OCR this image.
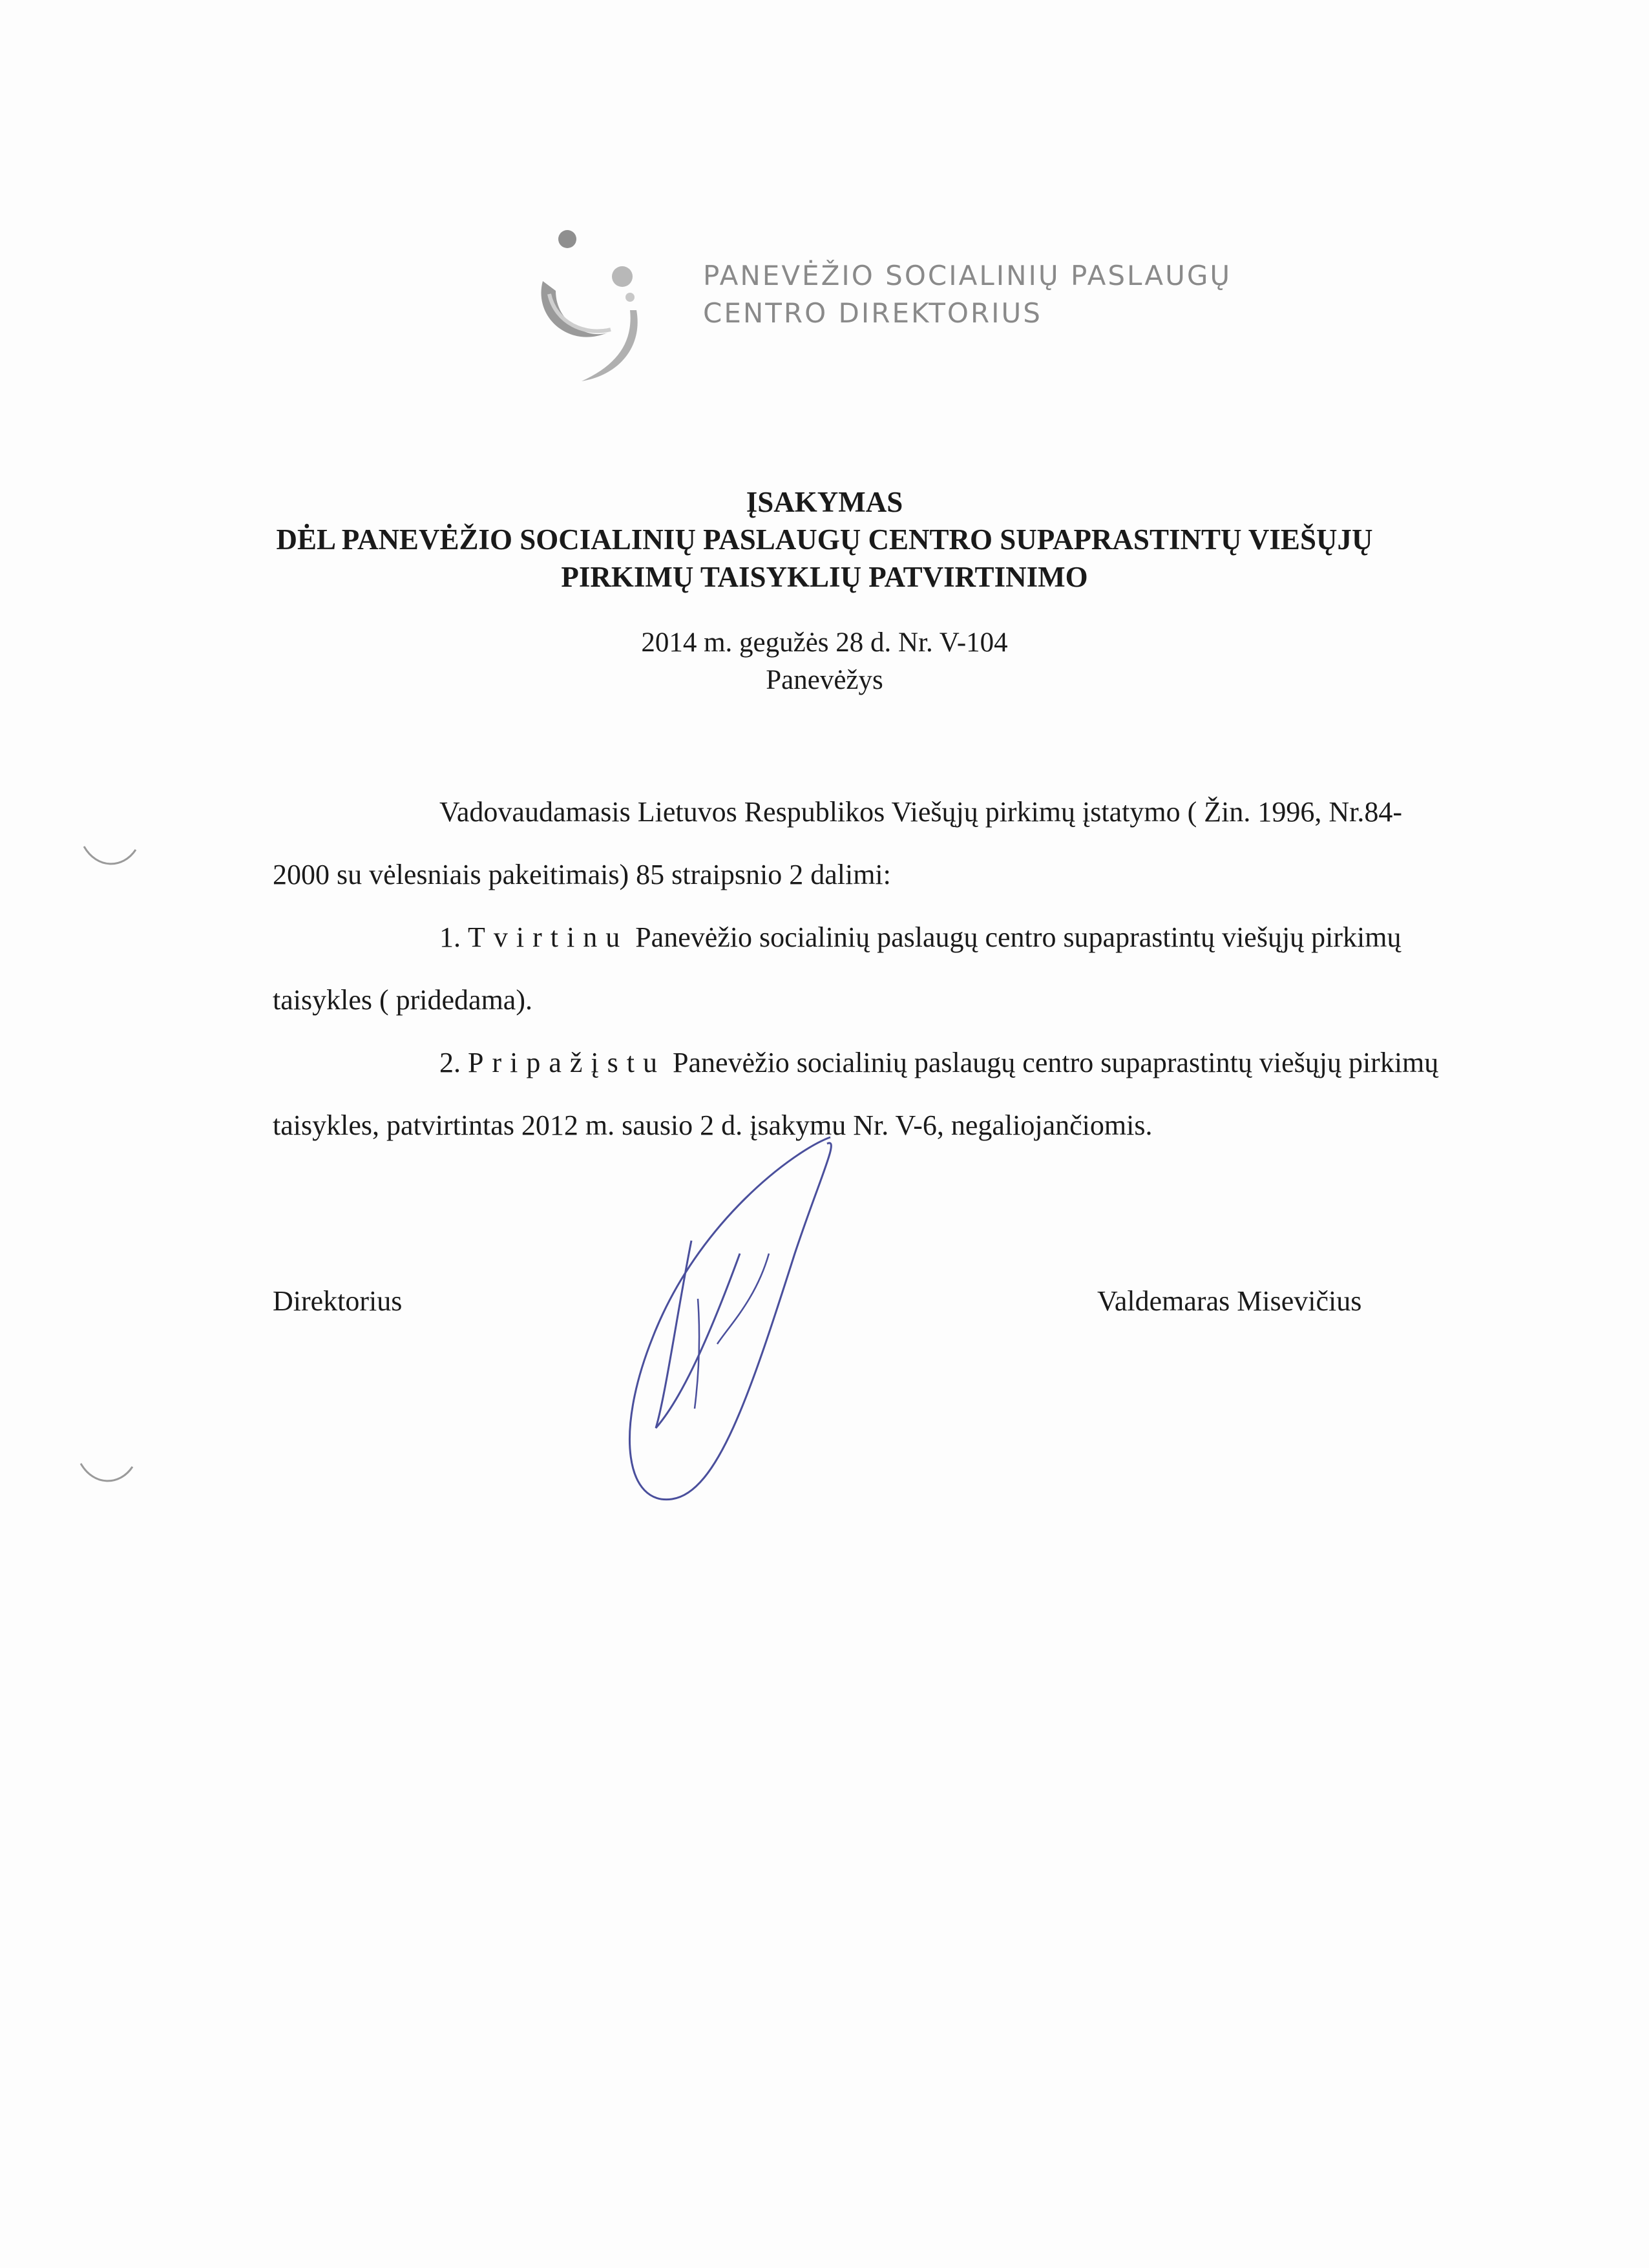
PANEVĖŽIO SOCIALINIŲ PASLAUGŲ
CENTRO DIREKTORIUS
ĮSAKYMAS
DĖL PANEVĖŽIO SOCIALINIŲ PASLAUGŲ CENTRO SUPAPRASTINTŲ VIEŠŲJŲ
PIRKIMŲ TAISYKLIŲ PATVIRTINIMO
2014 m. gegužės 28 d. Nr. V-104
Panevėžys
Vadovaudamasis Lietuvos Respublikos Viešųjų pirkimų įstatymo ( Žin. 1996, Nr.84-
2000 su vėlesniais pakeitimais) 85 straipsnio 2 dalimi:
1. Tvirtinu Panevėžio socialinių paslaugų centro supaprastintų viešųjų pirkimų
taisykles ( pridedama).
2. Pripažįstu Panevėžio socialinių paslaugų centro supaprastintų viešųjų pirkimų
taisykles, patvirtintas 2012 m. sausio 2 d. įsakymu Nr. V-6, negaliojančiomis.
Direktorius	Valdemaras Misevičius
